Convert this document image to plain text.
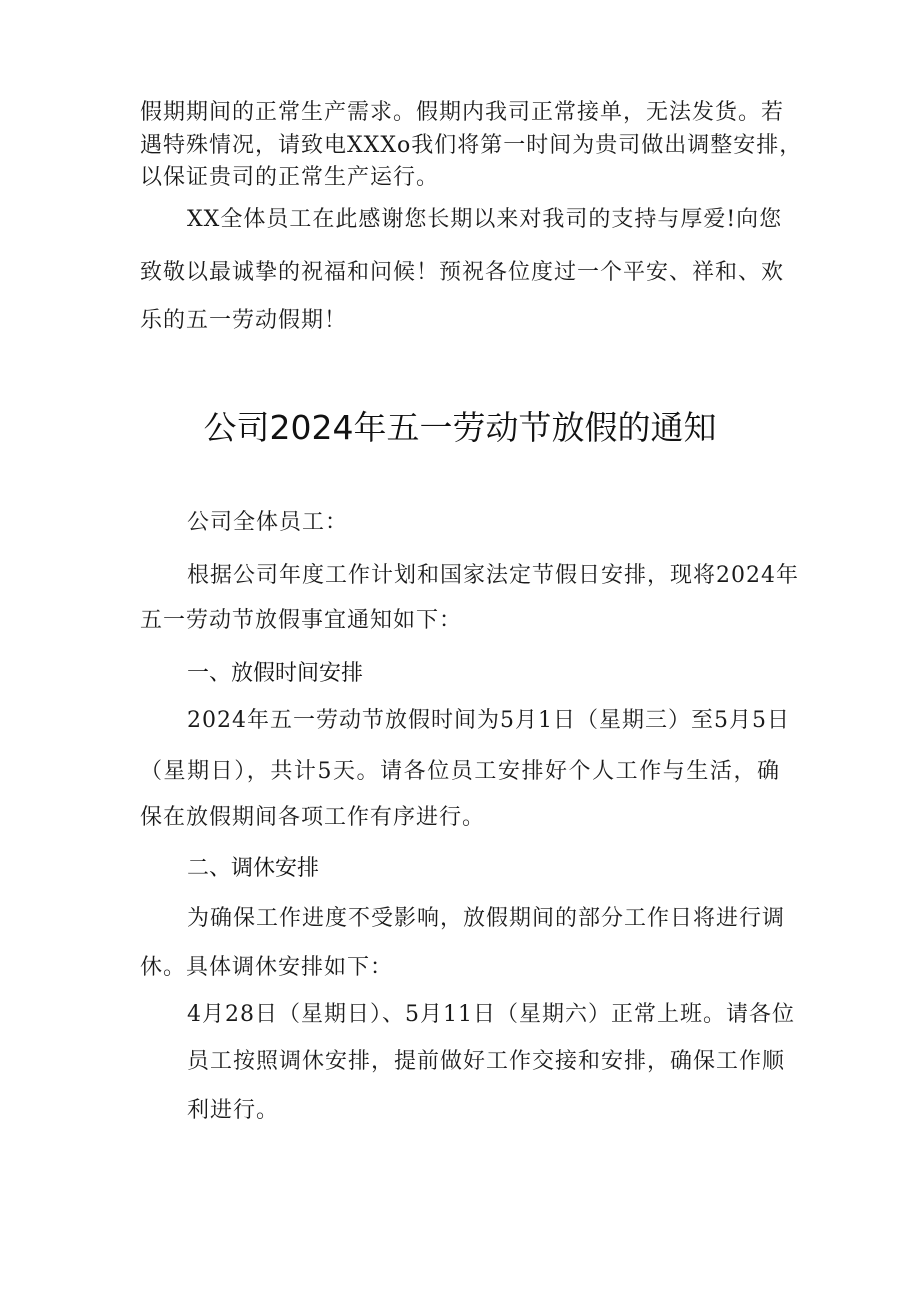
假期期间的正常生产需求。假期内我司正常接单，无法发货。若
遇特殊情况，请致电XXXo我们将第一时间为贵司做出调整安排，
以保证贵司的正常生产运行。
XX全体员工在此感谢您长期以来对我司的支持与厚爱!向您
致敬以最诚挚的祝福和问候！预祝各位度过一个平安、祥和、欢
乐的五一劳动假期！
公司2024年五一劳动节放假的通知
公司全体员工：
根据公司年度工作计划和国家法定节假日安排，现将2024年
五一劳动节放假事宜通知如下：
一、放假时间安排
2024年五一劳动节放假时间为5月1日（星期三）至5月5日
（星期日），共计5天。请各位员工安排好个人工作与生活，确
保在放假期间各项工作有序进行。
二、调休安排
为确保工作进度不受影响，放假期间的部分工作日将进行调
休。具体调休安排如下：
4月28日（星期日）、5月11日（星期六）正常上班。请各位
员工按照调休安排，提前做好工作交接和安排，确保工作顺
利进行。
